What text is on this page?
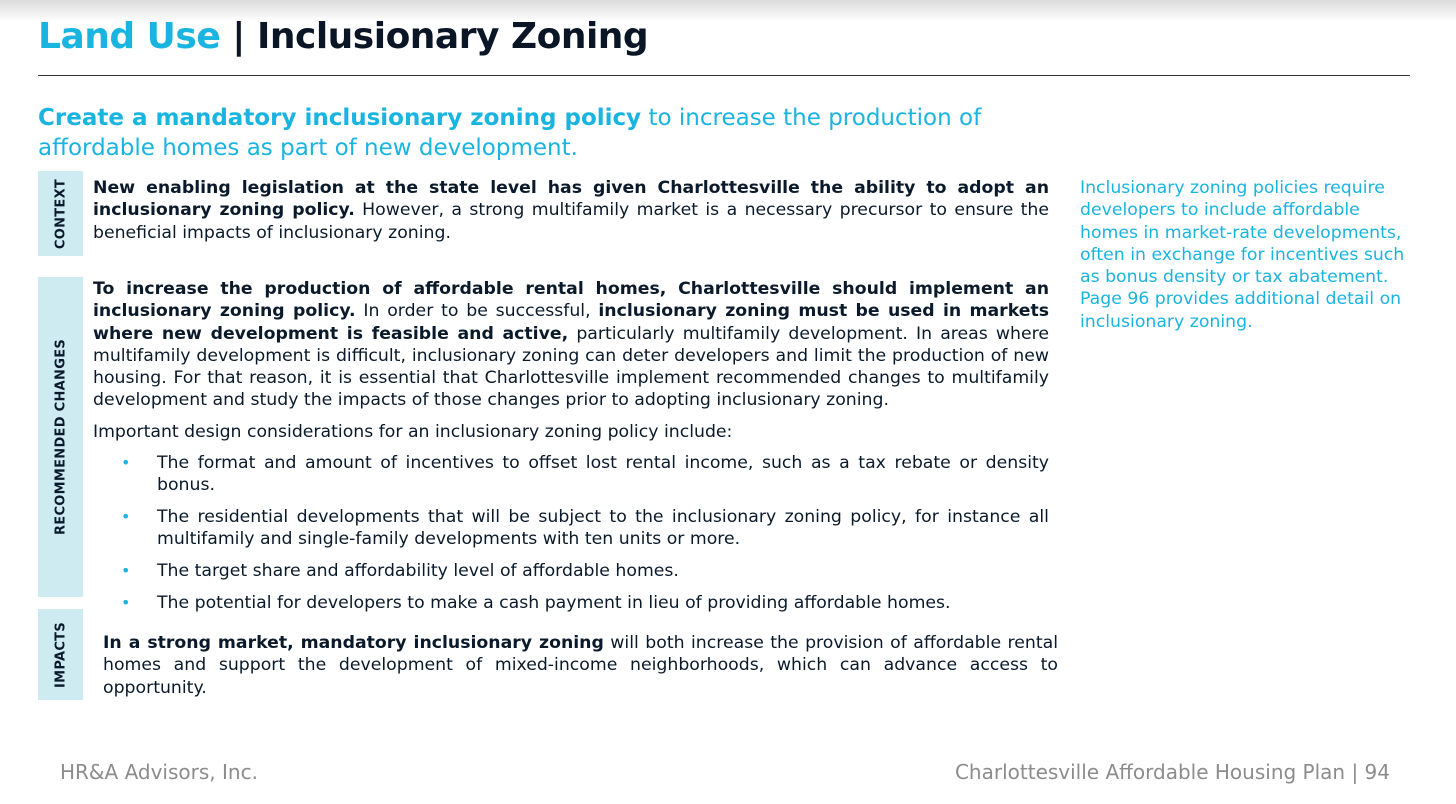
Land Use | Inclusionary Zoning

Create a mandatory inclusionary zoning policy to increase the production of affordable homes as part of new development.

CONTEXT New enabling legislation at the state level has given Charlottesville the ability to adopt an inclusionary zoning policy. However, a strong multifamily market is a necessary precursor to ensure the beneficial impacts of inclusionary zoning.

RECOMMENDED CHANGES

To increase the production of affordable rental homes, Charlottesville should implement an inclusionary zoning policy. In order to be successful, inclusionary zoning must be used in markets where new development is feasible and active, particularly multifamily development. In areas where multifamily development is difficult, inclusionary zoning can deter developers and limit the production of new housing. For that reason, it is essential that Charlottesville implement recommended changes to multifamily development and study the impacts of those changes prior to adopting inclusionary zoning.

Important design considerations for an inclusionary zoning policy include:

• The format and amount of incentives to offset lost rental income, such as a tax rebate or density bonus.
• The residential developments that will be subject to the inclusionary zoning policy, for instance all multifamily and single-family developments with ten units or more.
• The target share and affordability level of affordable homes.
• The potential for developers to make a cash payment in lieu of providing affordable homes.
IMPACTS In a strong market, mandatory inclusionary zoning will both increase the provision of affordable rental homes and support the development of mixed-income neighborhoods, which can advance access to opportunity.

Inclusionary zoning policies require developers to include affordable homes in market-rate developments, often in exchange for incentives such as bonus density or tax abatement. Page 96 provides additional detail on inclusionary zoning.

HR&A Advisors, Inc.	Charlottesville Affordable Housing Plan | 94
